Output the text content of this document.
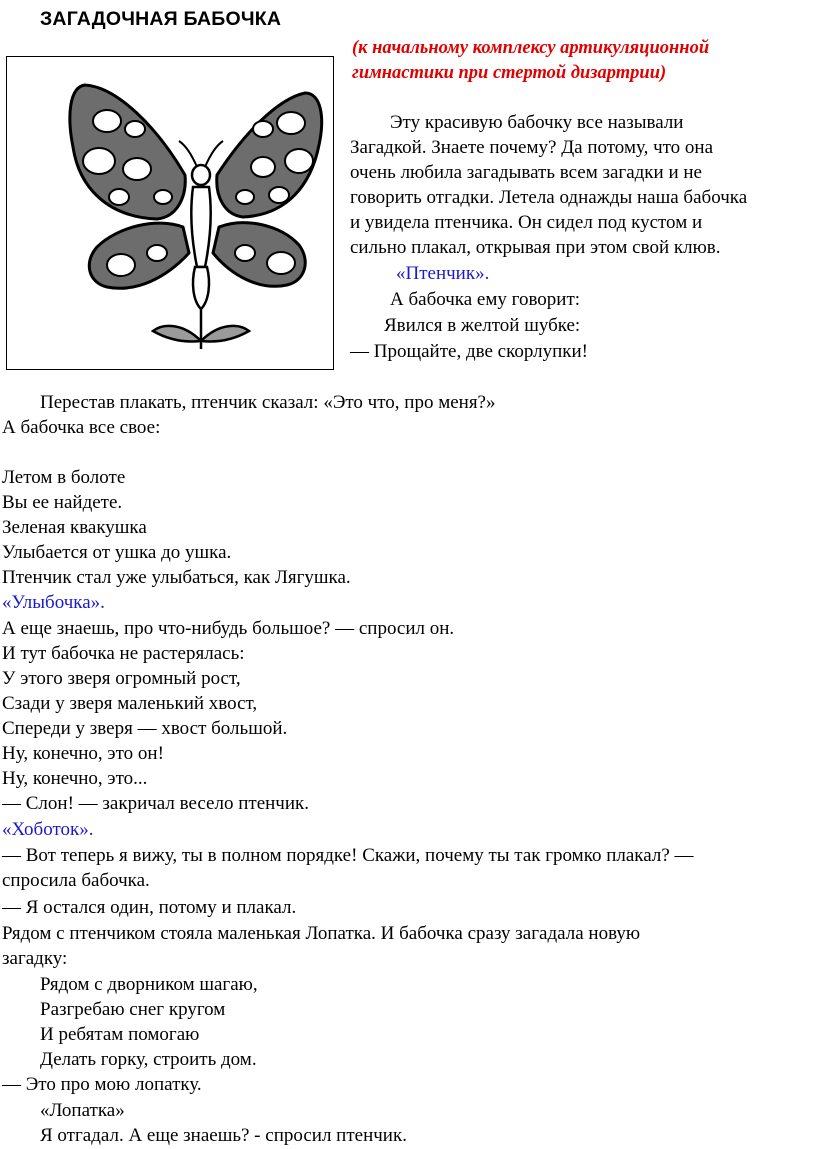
ЗАГАДОЧНАЯ БАБОЧКА
(к начальному комплексу артикуляционной
гимнастики при стертой дизартрии)
Эту красивую бабочку все называли
Загадкой. Знаете почему? Да потому, что она
очень любила загадывать всем загадки и не
говорить отгадки. Летела однажды наша бабочка
и увидела птенчика. Он сидел под кустом и
сильно плакал, открывая при этом свой клюв.
«Птенчик».
А бабочка ему говорит:
Явился в желтой шубке:
— Прощайте, две скорлупки!
Перестав плакать, птенчик сказал: «Это что, про меня?»
А бабочка все свое:
Летом в болоте
Вы ее найдете.
Зеленая квакушка
Улыбается от ушка до ушка.
Птенчик стал уже улыбаться, как Лягушка.
«Улыбочка».
А еще знаешь, про что-нибудь большое? — спросил он.
И тут бабочка не растерялась:
У этого зверя огромный рост,
Сзади у зверя маленький хвост,
Спереди у зверя — хвост большой.
Ну, конечно, это он!
Ну, конечно, это...
— Слон! — закричал весело птенчик.
«Хоботок».
— Вот теперь я вижу, ты в полном порядке! Скажи, почему ты так громко плакал? —
спросила бабочка.
— Я остался один, потому и плакал.
Рядом с птенчиком стояла маленькая Лопатка. И бабочка сразу загадала новую
загадку:
Рядом с дворником шагаю,
Разгребаю снег кругом
И ребятам помогаю
Делать горку, строить дом.
— Это про мою лопатку.
«Лопатка»
Я отгадал. А еще знаешь? - спросил птенчик.
